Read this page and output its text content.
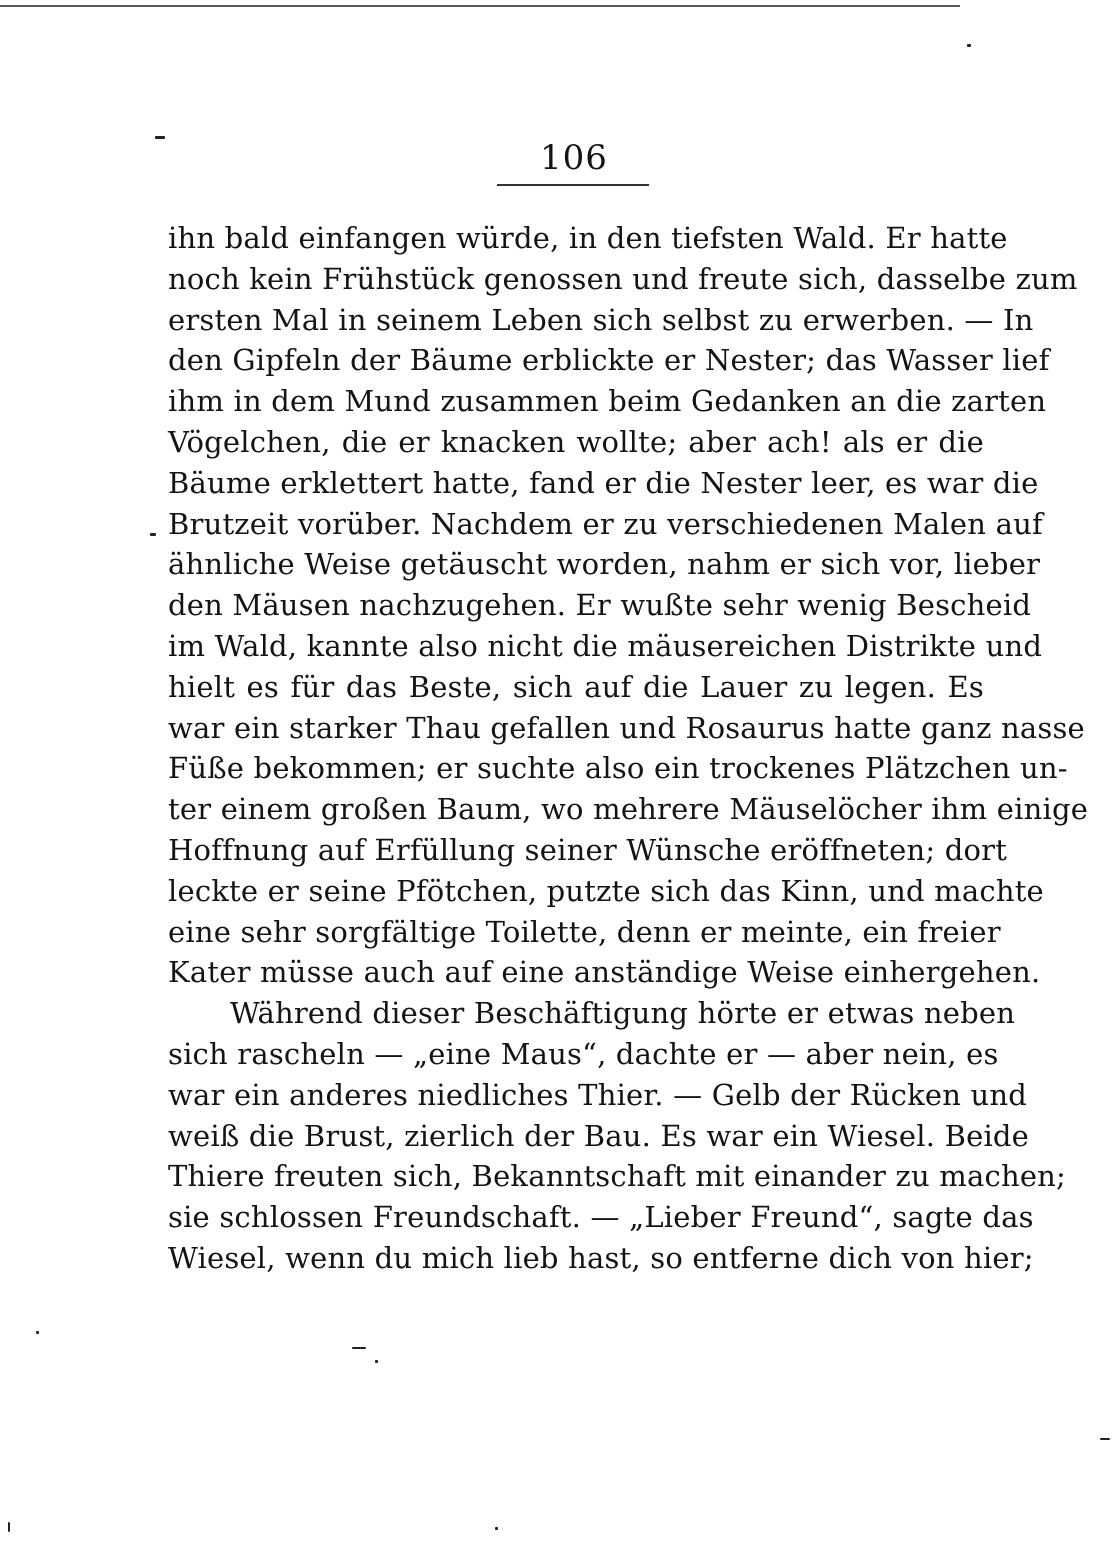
106
ihn bald einfangen würde, in den tiefsten Wald. Er hatte
noch kein Frühstück genossen und freute sich, dasselbe zum
ersten Mal in seinem Leben sich selbst zu erwerben. — In
den Gipfeln der Bäume erblickte er Nester; das Wasser lief
ihm in dem Mund zusammen beim Gedanken an die zarten
Vögelchen, die er knacken wollte; aber ach! als er die
Bäume erklettert hatte, fand er die Nester leer, es war die
Brutzeit vorüber. Nachdem er zu verschiedenen Malen auf
ähnliche Weise getäuscht worden, nahm er sich vor, lieber
den Mäusen nachzugehen. Er wußte sehr wenig Bescheid
im Wald, kannte also nicht die mäusereichen Distrikte und
hielt es für das Beste, sich auf die Lauer zu legen. Es
war ein starker Thau gefallen und Rosaurus hatte ganz nasse
Füße bekommen; er suchte also ein trockenes Plätzchen un-
ter einem großen Baum, wo mehrere Mäuselöcher ihm einige
Hoffnung auf Erfüllung seiner Wünsche eröffneten; dort
leckte er seine Pfötchen, putzte sich das Kinn, und machte
eine sehr sorgfältige Toilette, denn er meinte, ein freier
Kater müsse auch auf eine anständige Weise einhergehen.
Während dieser Beschäftigung hörte er etwas neben
sich rascheln — „eine Maus“, dachte er — aber nein, es
war ein anderes niedliches Thier. — Gelb der Rücken und
weiß die Brust, zierlich der Bau. Es war ein Wiesel. Beide
Thiere freuten sich, Bekanntschaft mit einander zu machen;
sie schlossen Freundschaft. — „Lieber Freund“, sagte das
Wiesel, wenn du mich lieb hast, so entferne dich von hier;
